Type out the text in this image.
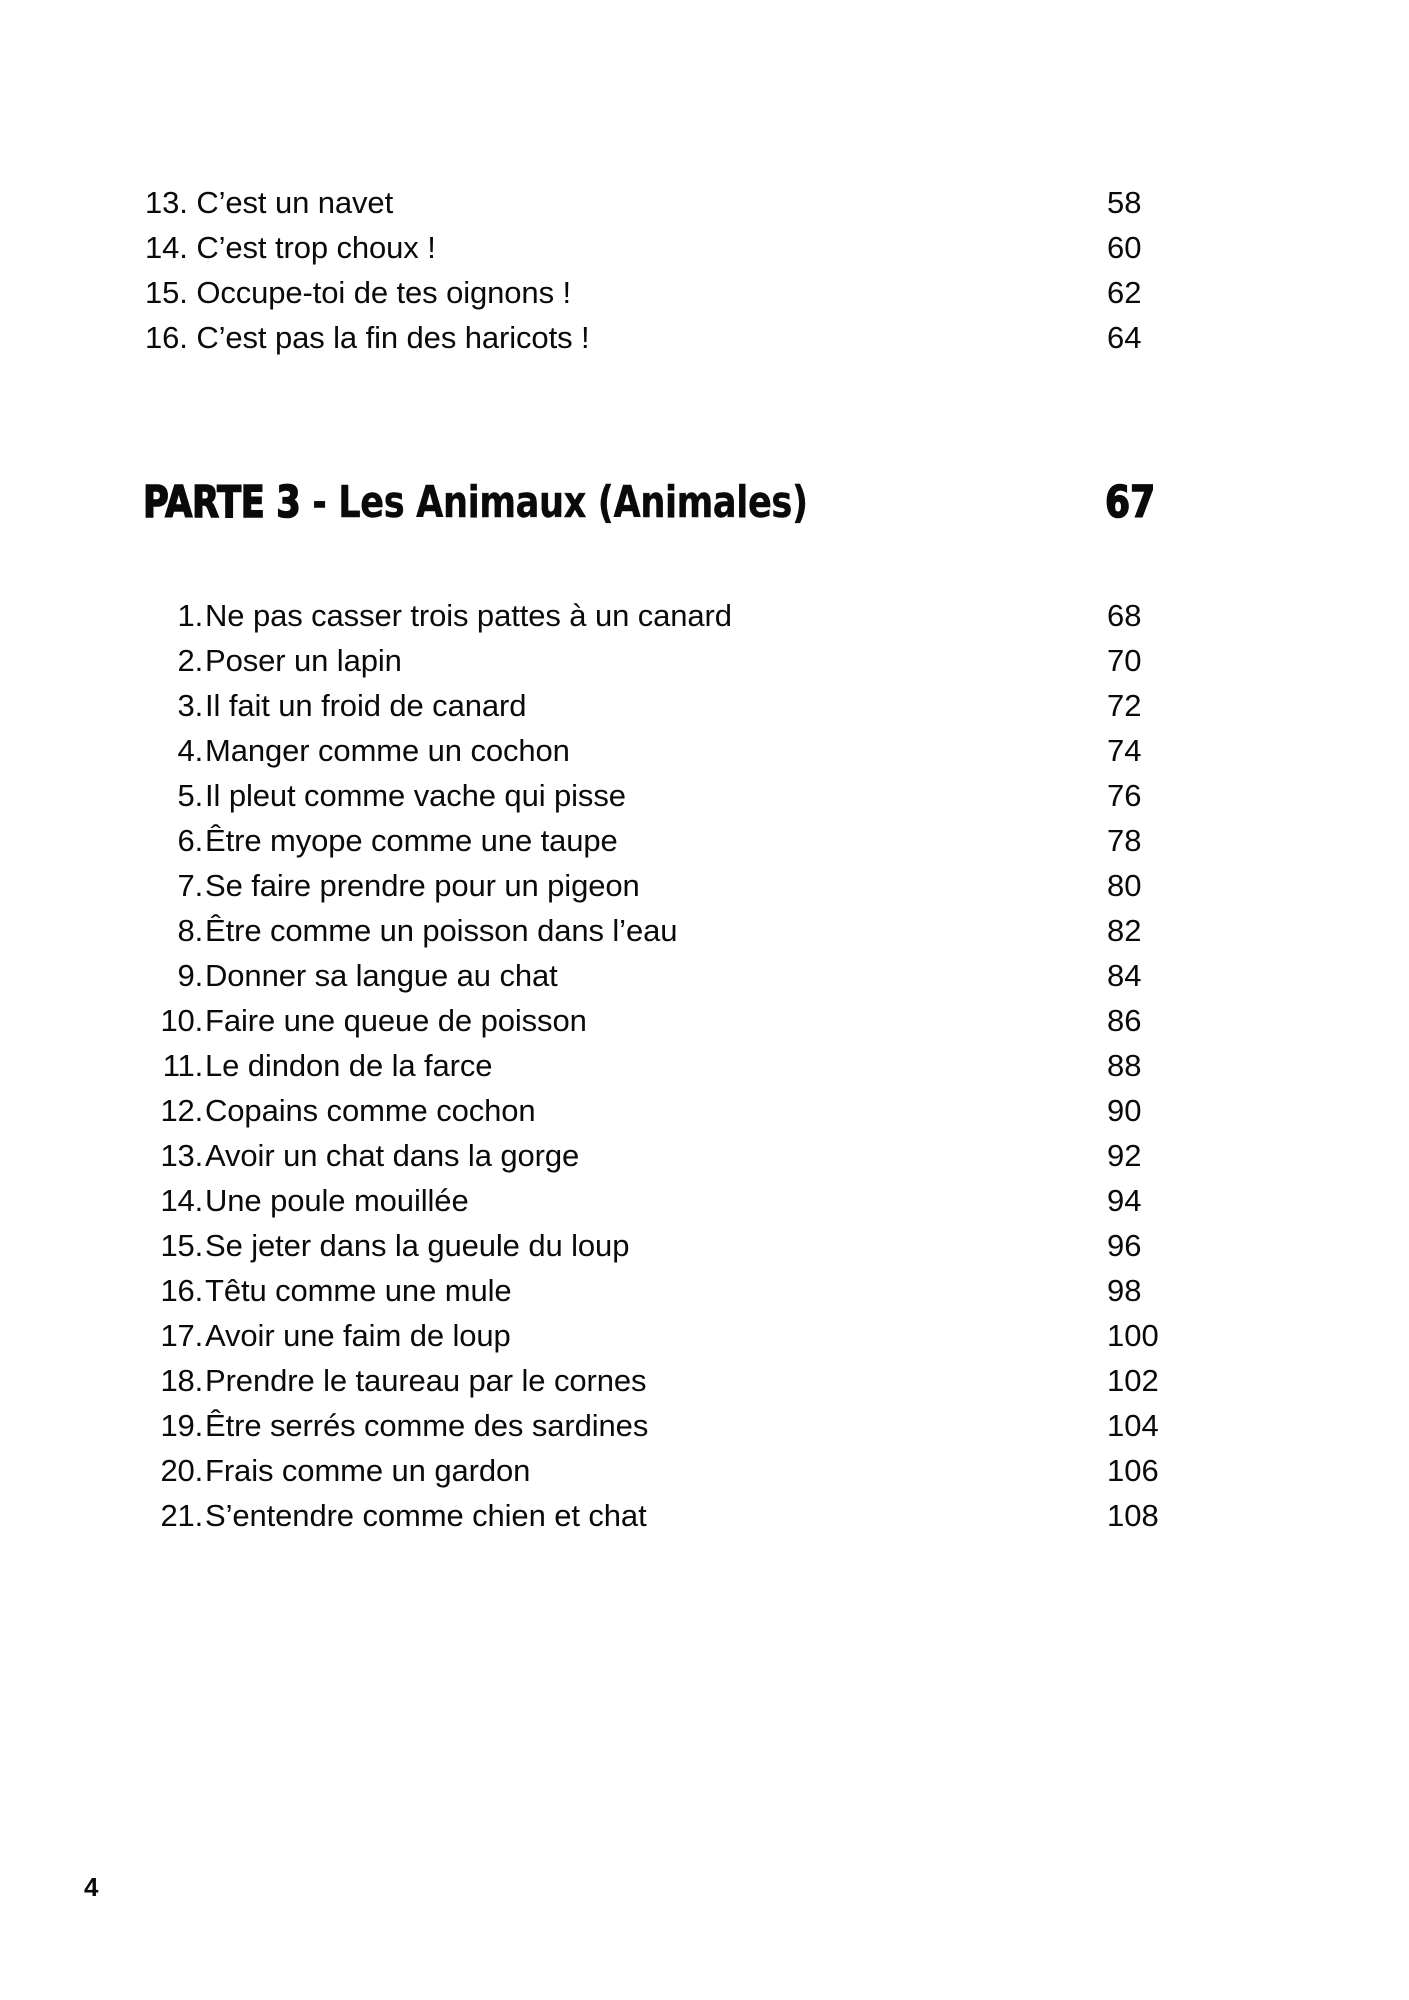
13. C’est un navet	58
14. C’est trop choux !	60
15. Occupe-toi de tes oignons !	62
16. C’est pas la fin des haricots !	64
PARTE 3 - Les Animaux (Animales)	67
1. Ne pas casser trois pattes à un canard	68
2. Poser un lapin	70
3. Il fait un froid de canard	72
4. Manger comme un cochon	74
5. Il pleut comme vache qui pisse	76
6. Être myope comme une taupe	78
7. Se faire prendre pour un pigeon	80
8. Être comme un poisson dans l’eau	82
9. Donner sa langue au chat	84
10. Faire une queue de poisson	86
11. Le dindon de la farce	88
12. Copains comme cochon	90
13. Avoir un chat dans la gorge	92
14. Une poule mouillée	94
15. Se jeter dans la gueule du loup	96
16. Têtu comme une mule	98
17. Avoir une faim de loup	100
18. Prendre le taureau par le cornes	102
19. Être serrés comme des sardines	104
20. Frais comme un gardon	106
21. S’entendre comme chien et chat	108
4
